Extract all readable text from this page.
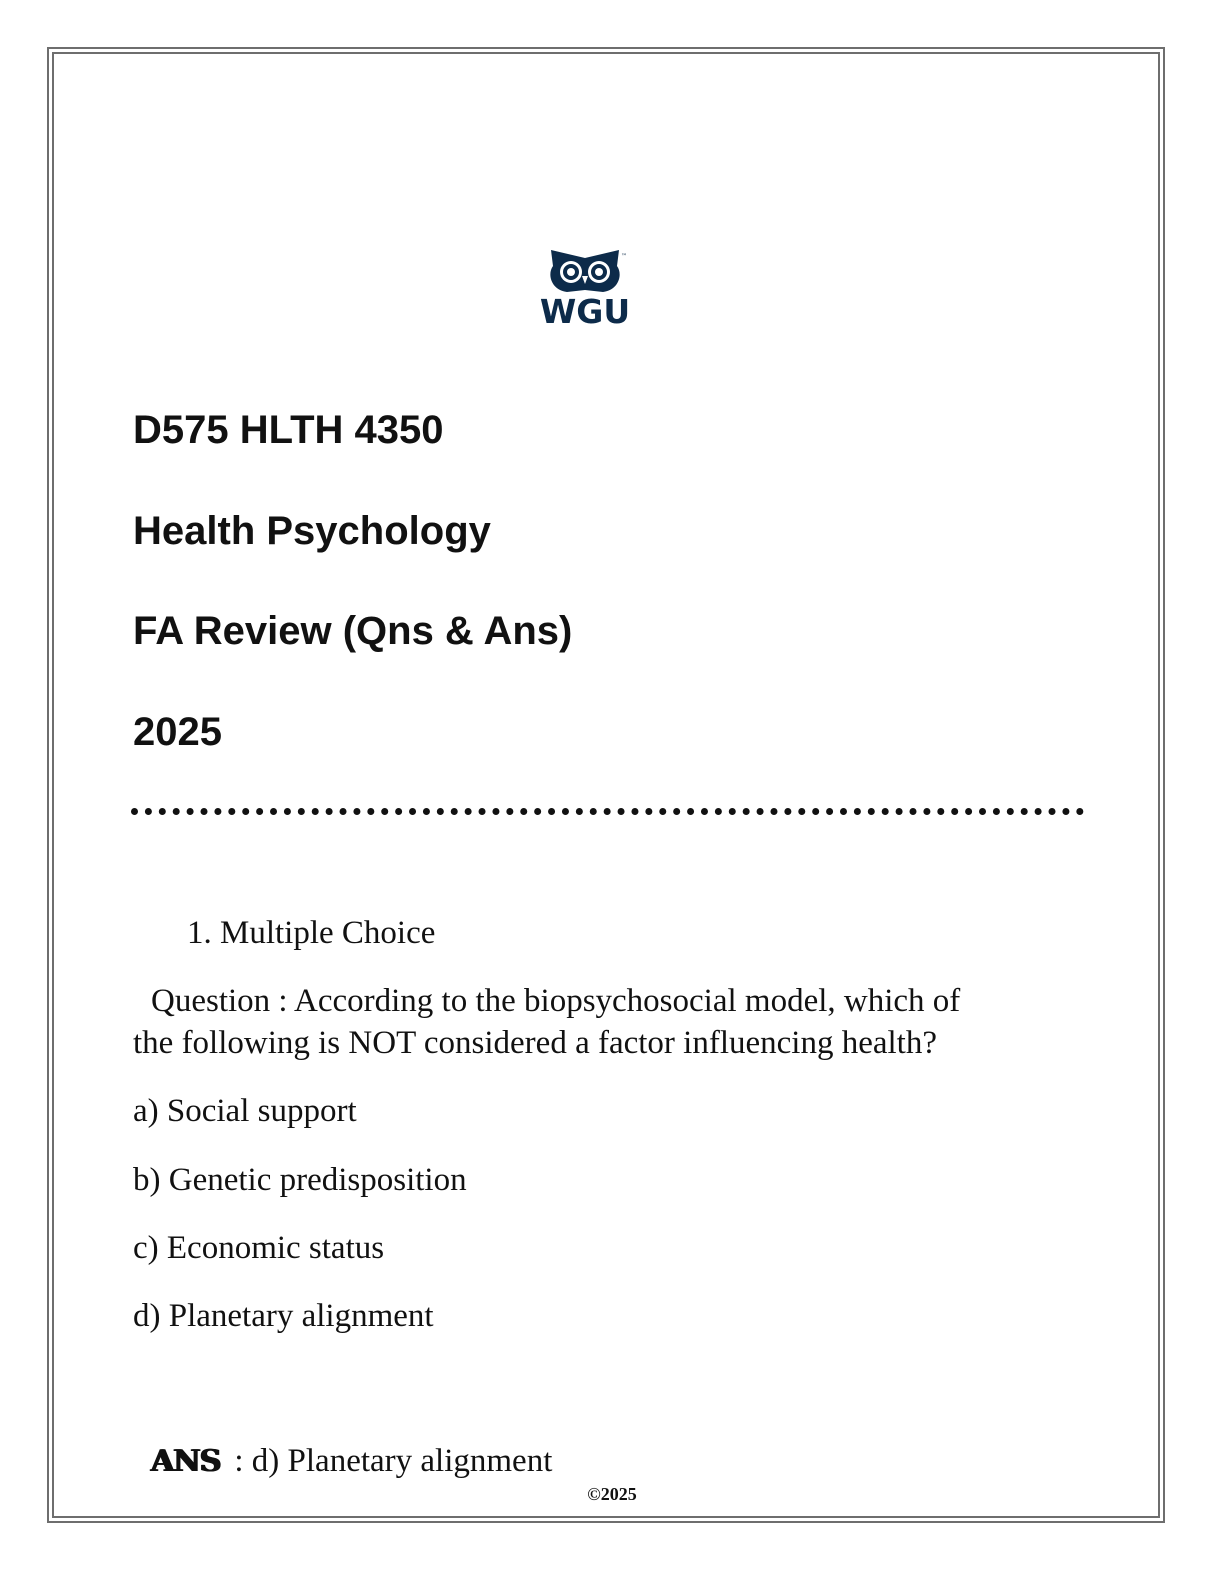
™
WGU
D575 HLTH 4350
Health Psychology
FA Review (Qns & Ans)
2025
1. Multiple Choice
Question : According to the biopsychosocial model, which of
the following is NOT considered a factor influencing health?
a) Social support
b) Genetic predisposition
c) Economic status
d) Planetary alignment
ANS : d) Planetary alignment
©2025
